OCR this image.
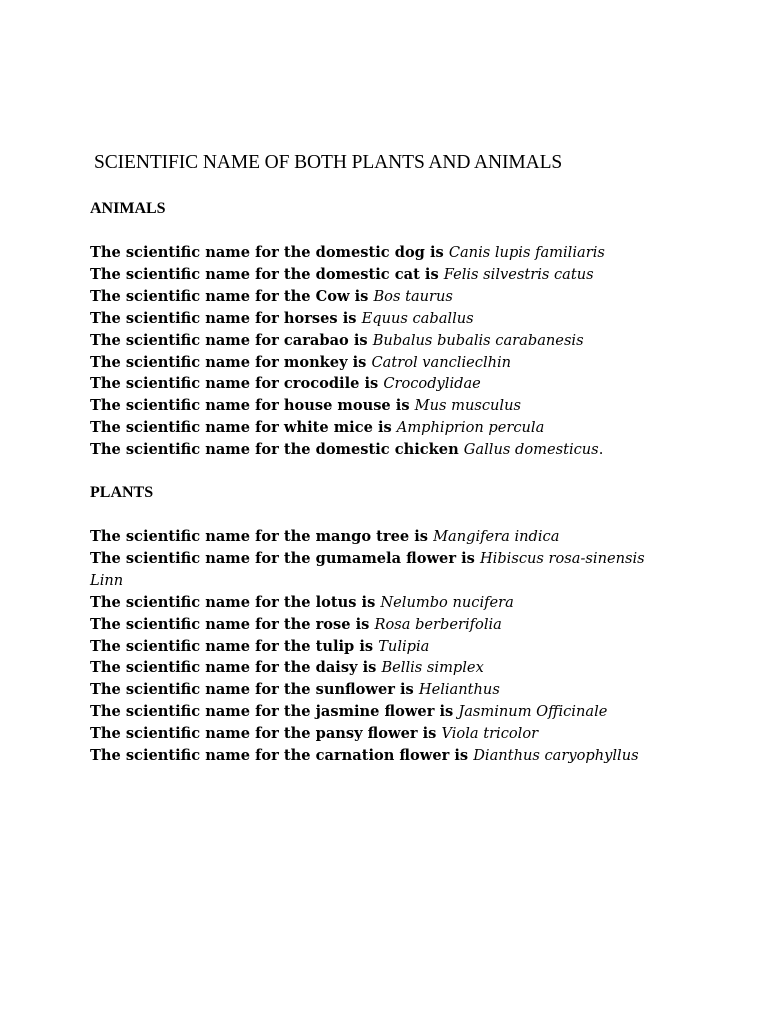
SCIENTIFIC NAME OF BOTH PLANTS AND ANIMALS
ANIMALS
The scientific name for the domestic dog is Canis lupis familiaris
The scientific name for the domestic cat is Felis silvestris catus
The scientific name for the Cow is Bos taurus
The scientific name for horses is Equus caballus
The scientific name for carabao is Bubalus bubalis carabanesis
The scientific name for monkey is Catrol vanclieclhin
The scientific name for crocodile is Crocodylidae
The scientific name for house mouse is Mus musculus
The scientific name for white mice is Amphiprion percula
The scientific name for the domestic chicken Gallus domesticus.
PLANTS
The scientific name for the mango tree is Mangifera indica
The scientific name for the gumamela flower is Hibiscus rosa-sinensis Linn
The scientific name for the lotus is Nelumbo nucifera
The scientific name for the rose is Rosa berberifolia
The scientific name for the tulip is Tulipia
The scientific name for the daisy is Bellis simplex
The scientific name for the sunflower is Helianthus
The scientific name for the jasmine flower is Jasminum Officinale
The scientific name for the pansy flower is Viola tricolor
The scientific name for the carnation flower is Dianthus caryophyllus
